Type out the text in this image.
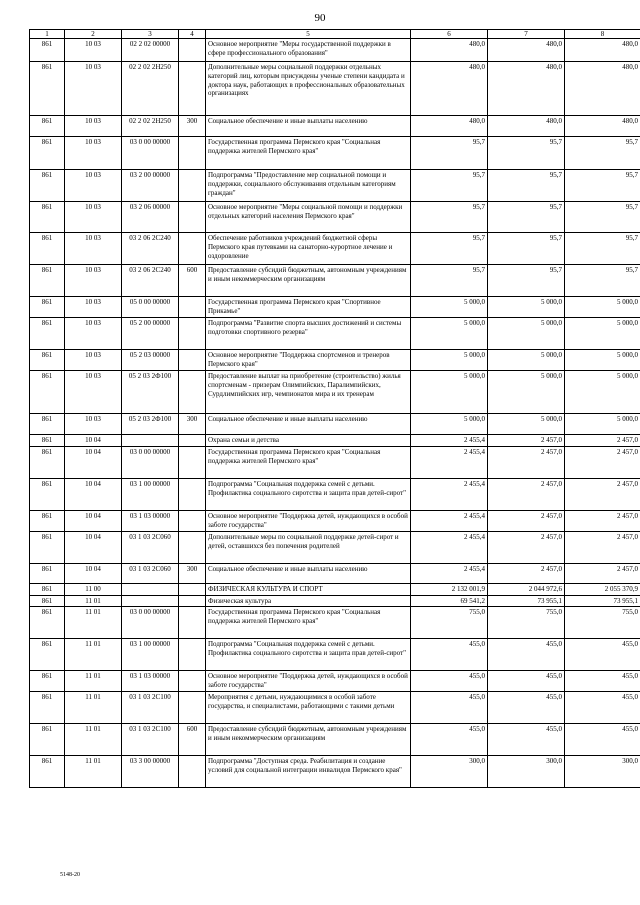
90
1	2	3	4	5	6	7	8
861	10 03	02 2 02 00000		Основное мероприятие "Меры государственной поддержки в сфере профессионального образования"	480,0	480,0	480,0
861	10 03	02 2 02 2Н250		Дополнительные меры социальной поддержки отдельных категорий лиц, которым присуждены ученые степени кандидата и доктора наук, работающих в профессиональных образовательных организациях	480,0	480,0	480,0
861	10 03	02 2 02 2Н250	300	Социальное обеспечение и иные выплаты населению	480,0	480,0	480,0
861	10 03	03 0 00 00000		Государственная программа Пермского края "Социальная поддержка жителей Пермского края"	95,7	95,7	95,7
861	10 03	03 2 00 00000		Подпрограмма "Предоставление мер социальной помощи и поддержки, социального обслуживания отдельным категориям граждан"	95,7	95,7	95,7
861	10 03	03 2 06 00000		Основное мероприятие "Меры социальной помощи и поддержки отдельных категорий населения Пермского края"	95,7	95,7	95,7
861	10 03	03 2 06 2С240		Обеспечение работников учреждений бюджетной сферы Пермского края путевками на санаторно-курортное лечение и оздоровление	95,7	95,7	95,7
861	10 03	03 2 06 2С240	600	Предоставление субсидий бюджетным, автономным учреждениям и иным некоммерческим организациям	95,7	95,7	95,7
861	10 03	05 0 00 00000		Государственная программа Пермского края "Спортивное Прикамье"	5 000,0	5 000,0	5 000,0
861	10 03	05 2 00 00000		Подпрограмма "Развитие спорта высших достижений и системы подготовки спортивного резерва"	5 000,0	5 000,0	5 000,0
861	10 03	05 2 03 00000		Основное мероприятие "Поддержка спортсменов и тренеров Пермского края"	5 000,0	5 000,0	5 000,0
861	10 03	05 2 03 2Ф100		Предоставление выплат на приобретение (строительство) жилья спортсменам - призерам Олимпийских, Паралимпийских, Сурдлимпийских игр, чемпионатов мира и их тренерам	5 000,0	5 000,0	5 000,0
861	10 03	05 2 03 2Ф100	300	Социальное обеспечение и иные выплаты населению	5 000,0	5 000,0	5 000,0
861	10 04			Охрана семьи и детства	2 455,4	2 457,0	2 457,0
861	10 04	03 0 00 00000		Государственная программа Пермского края "Социальная поддержка жителей Пермского края"	2 455,4	2 457,0	2 457,0
861	10 04	03 1 00 00000		Подпрограмма "Социальная поддержка семей с детьми. Профилактика социального сиротства и защита прав детей-сирот"	2 455,4	2 457,0	2 457,0
861	10 04	03 1 03 00000		Основное мероприятие "Поддержка детей, нуждающихся в особой заботе государства"	2 455,4	2 457,0	2 457,0
861	10 04	03 1 03 2С060		Дополнительные меры по социальной поддержке детей-сирот и детей, оставшихся без попечения родителей	2 455,4	2 457,0	2 457,0
861	10 04	03 1 03 2С060	300	Социальное обеспечение и иные выплаты населению	2 455,4	2 457,0	2 457,0
861	11 00			ФИЗИЧЕСКАЯ КУЛЬТУРА И СПОРТ	2 132 001,9	2 044 972,6	2 055 370,9
861	11 01			Физическая культура	69 541,2	73 955,1	73 955,1
861	11 01	03 0 00 00000		Государственная программа Пермского края "Социальная поддержка жителей Пермского края"	755,0	755,0	755,0
861	11 01	03 1 00 00000		Подпрограмма "Социальная поддержка семей с детьми. Профилактика социального сиротства и защита прав детей-сирот"	455,0	455,0	455,0
861	11 01	03 1 03 00000		Основное мероприятие "Поддержка детей, нуждающихся в особой заботе государства"	455,0	455,0	455,0
861	11 01	03 1 03 2С100		Мероприятия с детьми, нуждающимися в особой заботе государства, и специалистами, работающими с такими детьми	455,0	455,0	455,0
861	11 01	03 1 03 2С100	600	Предоставление субсидий бюджетным, автономным учреждениям и иным некоммерческим организациям	455,0	455,0	455,0
861	11 01	03 3 00 00000		Подпрограмма "Доступная среда. Реабилитация и создание условий для социальной интеграции инвалидов Пермского края"	300,0	300,0	300,0
5148-20
